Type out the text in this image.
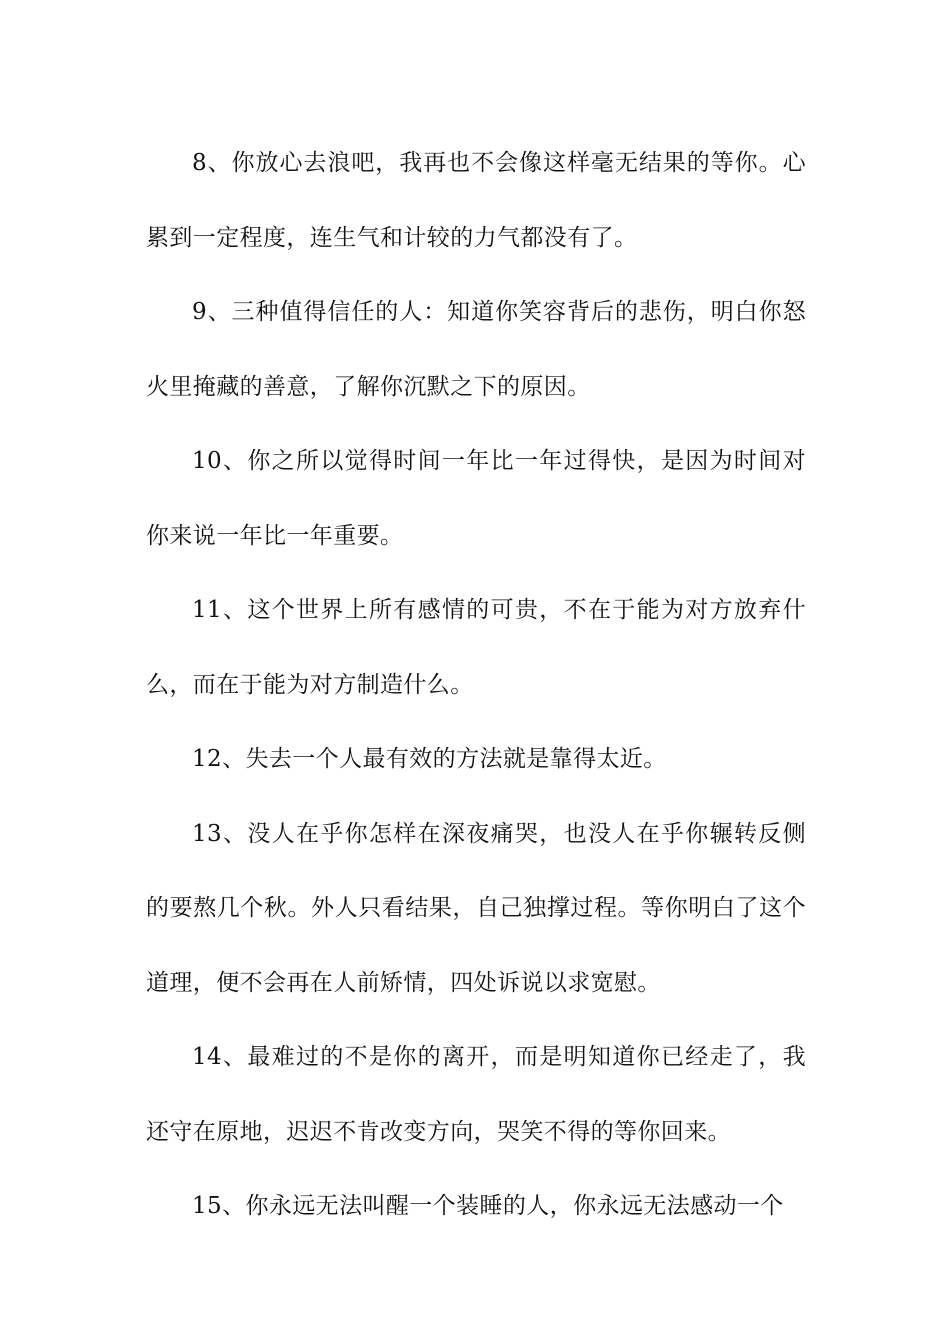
8、你放心去浪吧，我再也不会像这样毫无结果的等你。心累到一定程度，连生气和计较的力气都没有了。

9、三种值得信任的人：知道你笑容背后的悲伤，明白你怒火里掩藏的善意，了解你沉默之下的原因。

10、你之所以觉得时间一年比一年过得快，是因为时间对你来说一年比一年重要。

11、这个世界上所有感情的可贵，不在于能为对方放弃什么，而在于能为对方制造什么。

12、失去一个人最有效的方法就是靠得太近。

13、没人在乎你怎样在深夜痛哭，也没人在乎你辗转反侧的要熬几个秋。外人只看结果，自己独撑过程。等你明白了这个道理，便不会再在人前矫情，四处诉说以求宽慰。

14、最难过的不是你的离开，而是明知道你已经走了，我还守在原地，迟迟不肯改变方向，哭笑不得的等你回来。

15、你永远无法叫醒一个装睡的人，你永远无法感动一个
